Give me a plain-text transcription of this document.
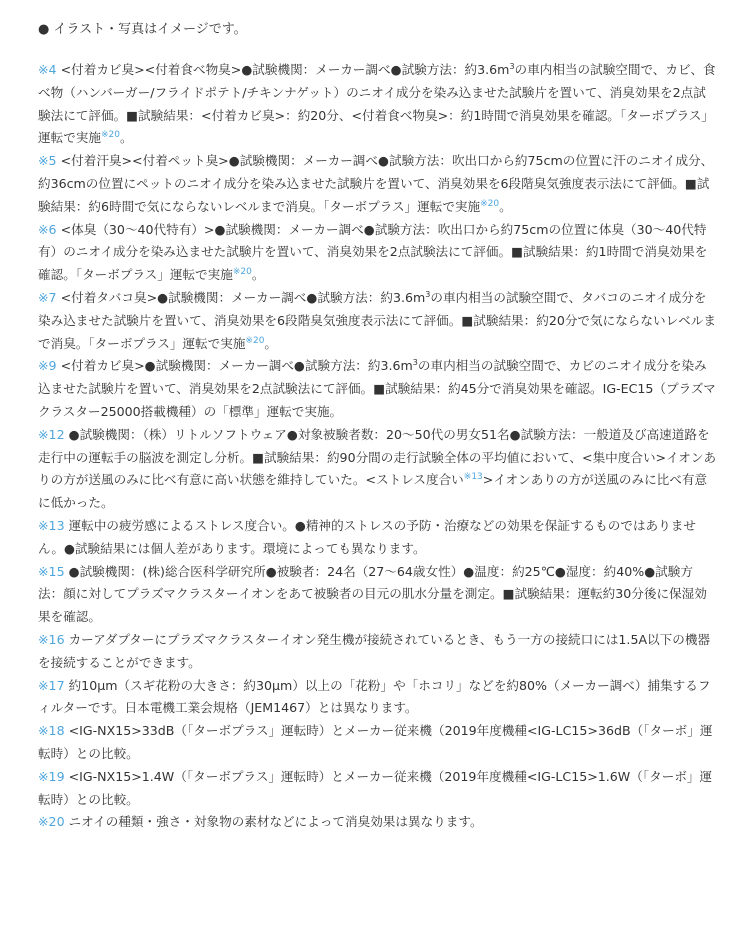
● イラスト・写真はイメージです。

※4 <付着カビ臭><付着食べ物臭>●試験機関：メーカー調べ●試験方法：約$3.6m^3$の車内相当の試験空間で、カビ、食べ物（ハンバーガー/フライドポテト/チキンナゲット）のニオイ成分を染み込ませた試験片を置いて、消臭効果を2点試験法にて評価。■試験結果：<付着カビ臭>：約20分、<付着食べ物臭>：約1時間で消臭効果を確認。「ターボプラス」運転で実施$^{※20}$。
※5 <付着汗臭><付着ペット臭>●試験機関：メーカー調べ●試験方法：吹出口から約75cmの位置に汗のニオイ成分、約36cmの位置にペットのニオイ成分を染み込ませた試験片を置いて、消臭効果を6段階臭気強度表示法にて評価。■試験結果：約6時間で気にならないレベルまで消臭。「ターボプラス」運転で実施$^{※20}$。
※6 <体臭（30〜40代特有）>●試験機関：メーカー調べ●試験方法：吹出口から約75cmの位置に体臭（30〜40代特有）のニオイ成分を染み込ませた試験片を置いて、消臭効果を2点試験法にて評価。■試験結果：約1時間で消臭効果を確認。「ターボプラス」運転で実施$^{※20}$。
※7 <付着タバコ臭>●試験機関：メーカー調べ●試験方法：約$3.6m^3$の車内相当の試験空間で、タバコのニオイ成分を染み込ませた試験片を置いて、消臭効果を6段階臭気強度表示法にて評価。■試験結果：約20分で気にならないレベルまで消臭。「ターボプラス」運転で実施$^{※20}$。
※9 <付着カビ臭>●試験機関：メーカー調べ●試験方法：約$3.6m^3$の車内相当の試験空間で、カビのニオイ成分を染み込ませた試験片を置いて、消臭効果を2点試験法にて評価。■試験結果：約45分で消臭効果を確認。IG-EC15（プラズマクラスター25000搭載機種）の「標準」運転で実施。
※12 ●試験機関：（株）リトルソフトウェア●対象被験者数：20〜50代の男女51名●試験方法：一般道及び高速道路を走行中の運転手の脳波を測定し分析。■試験結果：約90分間の走行試験全体の平均値において、<集中度合い>イオンありの方が送風のみに比べ有意に高い状態を維持していた。<ストレス度合い$^{※13}$>イオンありの方が送風のみに比べ有意に低かった。
※13 運転中の疲労感によるストレス度合い。●精神的ストレスの予防・治療などの効果を保証するものではありません。●試験結果には個人差があります。環境によっても異なります。
※15 ●試験機関：(株)総合医科学研究所●被験者：24名（27〜64歳女性）●温度：約25℃●湿度：約40%●試験方法：顔に対してプラズマクラスターイオンをあて被験者の目元の肌水分量を測定。■試験結果：運転約30分後に保湿効果を確認。
※16 カーアダプターにプラズマクラスターイオン発生機が接続されているとき、もう一方の接続口には1.5A以下の機器を接続することができます。
※17 約10μm（スギ花粉の大きさ：約30μm）以上の「花粉」や「ホコリ」などを約80%（メーカー調べ）捕集するフィルターです。日本電機工業会規格（JEM1467）とは異なります。
※18 <IG-NX15>33dB（「ターボプラス」運転時）とメーカー従来機（2019年度機種<IG-LC15>36dB（「ターボ」運転時）との比較。
※19 <IG-NX15>1.4W（「ターボプラス」運転時）とメーカー従来機（2019年度機種<IG-LC15>1.6W（「ターボ」運転時）との比較。
※20 ニオイの種類・強さ・対象物の素材などによって消臭効果は異なります。
